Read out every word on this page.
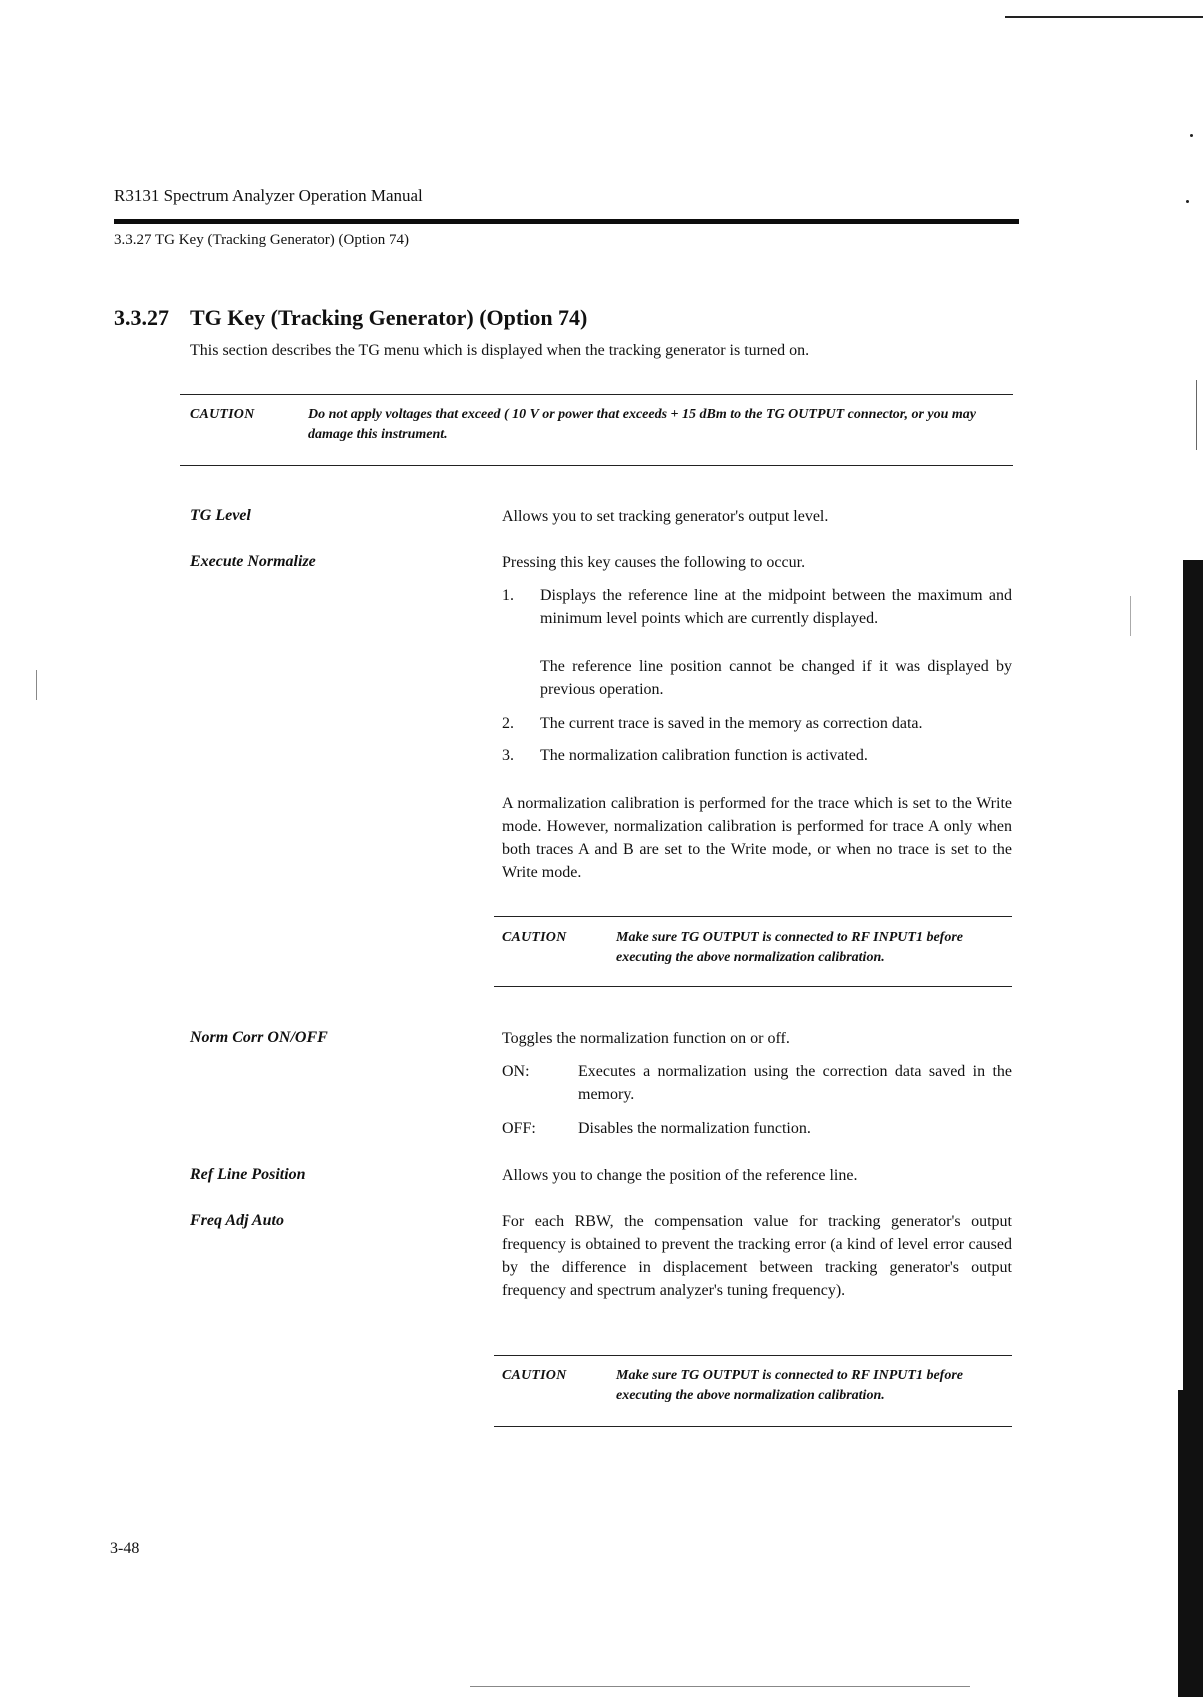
R3131 Spectrum Analyzer Operation Manual
3.3.27 TG Key (Tracking Generator) (Option 74)
3.3.27 TG Key (Tracking Generator) (Option 74)
This section describes the TG menu which is displayed when the tracking generator is turned on.
CAUTION	Do not apply voltages that exceed ( 10 V or power that exceeds + 15 dBm to the TG OUTPUT connector, or you may damage this instrument.
TG Level	Allows you to set tracking generator's output level.
Execute Normalize	Pressing this key causes the following to occur.
1. Displays the reference line at the midpoint between the maximum and minimum level points which are currently displayed.
The reference line position cannot be changed if it was displayed by previous operation.
2. The current trace is saved in the memory as correction data.
3. The normalization calibration function is activated.
A normalization calibration is performed for the trace which is set to the Write mode. However, normalization calibration is performed for trace A only when both traces A and B are set to the Write mode, or when no trace is set to the Write mode.
CAUTION	Make sure TG OUTPUT is connected to RF INPUT1 before executing the above normalization calibration.
Norm Corr ON/OFF	Toggles the normalization function on or off.
ON:	Executes a normalization using the correction data saved in the memory.
OFF:	Disables the normalization function.
Ref Line Position	Allows you to change the position of the reference line.
Freq Adj Auto	For each RBW, the compensation value for tracking generator's output frequency is obtained to prevent the tracking error (a kind of level error caused by the difference in displacement between tracking generator's output frequency and spectrum analyzer's tuning frequency).
CAUTION	Make sure TG OUTPUT is connected to RF INPUT1 before executing the above normalization calibration.
3-48
